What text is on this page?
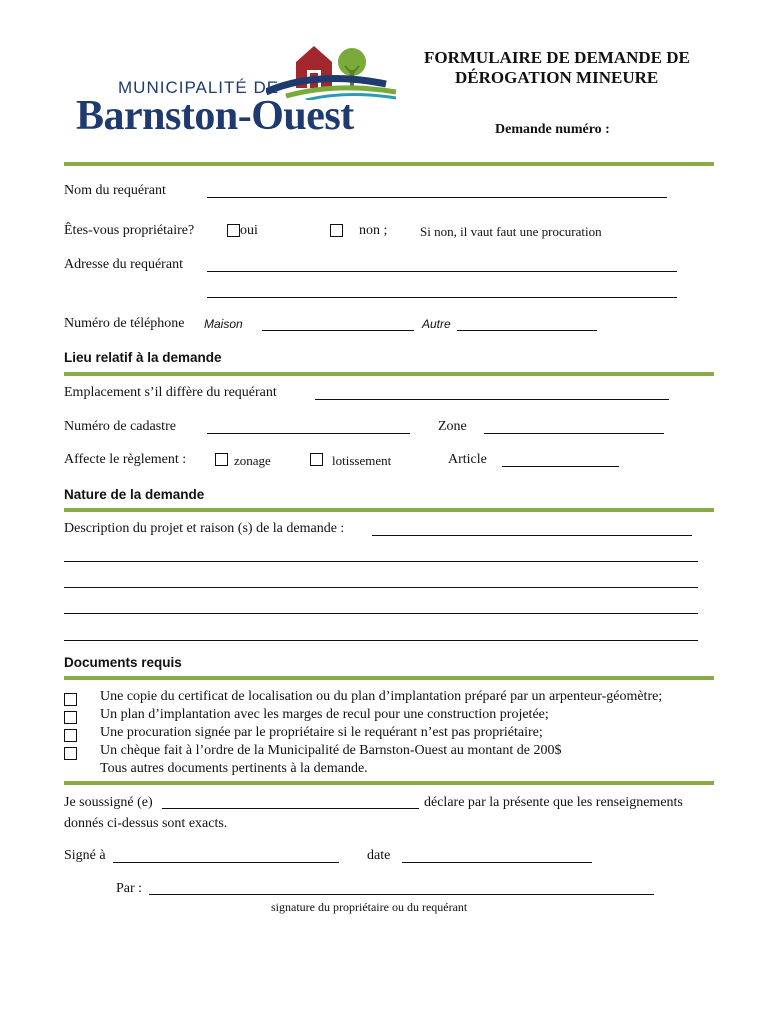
MUNICIPALITÉ DE
Barnston-Ouest
FORMULAIRE DE DEMANDE DE
DÉROGATION MINEURE
Demande numéro :
Nom du requérant
Êtes-vous propriétaire?	oui	non ;	Si non, il vaut faut une procuration
Adresse du requérant
Numéro de téléphone Maison	Autre
Lieu relatif à la demande
Emplacement s’il diffère du requérant
Numéro de cadastre	Zone
Affecte le règlement :	zonage	lotissement	Article
Nature de la demande
Description du projet et raison (s) de la demande :
Documents requis
Une copie du certificat de localisation ou du plan d’implantation préparé par un arpenteur-géomètre;
Un plan d’implantation avec les marges de recul pour une construction projetée;
Une procuration signée par le propriétaire si le requérant n’est pas propriétaire;
Un chèque fait à l’ordre de la Municipalité de Barnston-Ouest au montant de 200$
Tous autres documents pertinents à la demande.
Je soussigné (e)	déclare par la présente que les renseignements
donnés ci-dessus sont exacts.
Signé à	date
Par :
signature du propriétaire ou du requérant
